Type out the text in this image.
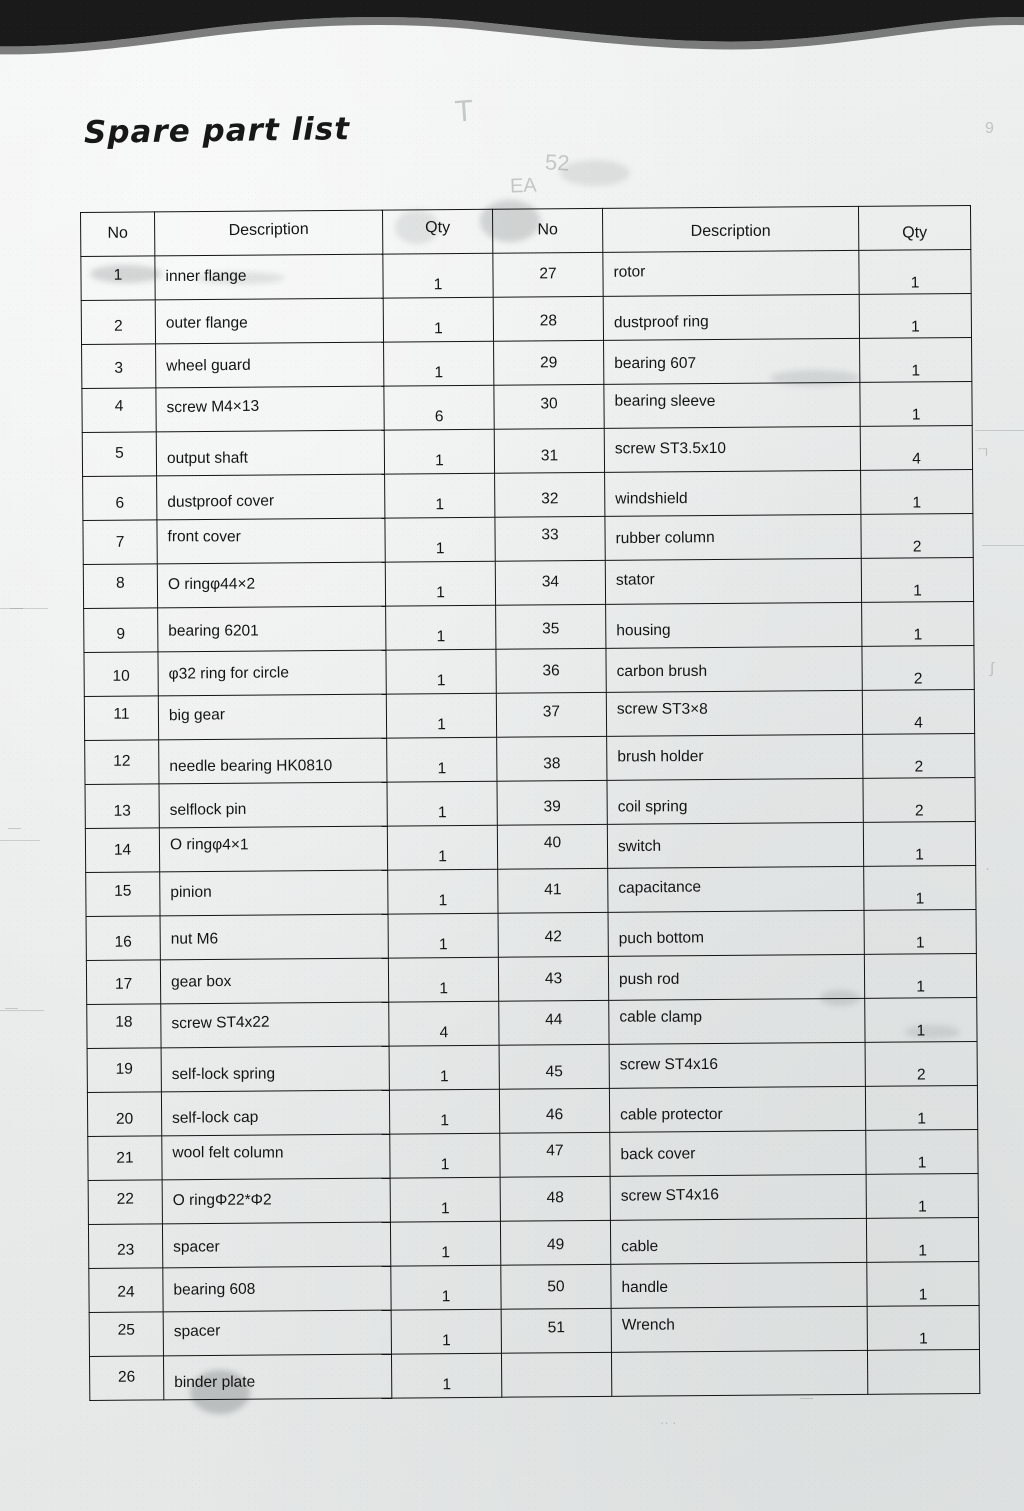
T
52
ЕА
9
ㄱ
∫
·
—
—
—
·· ·
—
Spare part list
No	Description	Qty	No	Description	Qty

1	inner flange	1	27	rotor	1

2	outer flange	1	28	dustproof ring	1

3	wheel guard	1	29	bearing 607	1

4	screw M4×13	6	30	bearing sleeve	1

5	output shaft	1	31	screw ST3.5x10	4

6	dustproof cover	1	32	windshield	1

7	front cover	1	33	rubber column	2

8	O ringφ44×2	1	34	stator	1

9	bearing 6201	1	35	housing	1

10	φ32 ring for circle	1	36	carbon brush	2

11	big gear	1	37	screw ST3×8	4

12	needle bearing HK0810	1	38	brush holder	2

13	selflock pin	1	39	coil spring	2

14	O ringφ4×1	1	40	switch	1

15	pinion	1	41	capacitance	1

16	nut M6	1	42	puch bottom	1

17	gear box	1	43	push rod	1

18	screw ST4x22	4	44	cable clamp	1

19	self-lock spring	1	45	screw ST4x16	2

20	self-lock cap	1	46	cable protector	1

21	wool felt column	1	47	back cover	1

22	O ringΦ22*Φ2	1	48	screw ST4x16	1

23	spacer	1	49	cable	1

24	bearing 608	1	50	handle	1

25	spacer	1	51	Wrench	1

26	binder plate	1			
